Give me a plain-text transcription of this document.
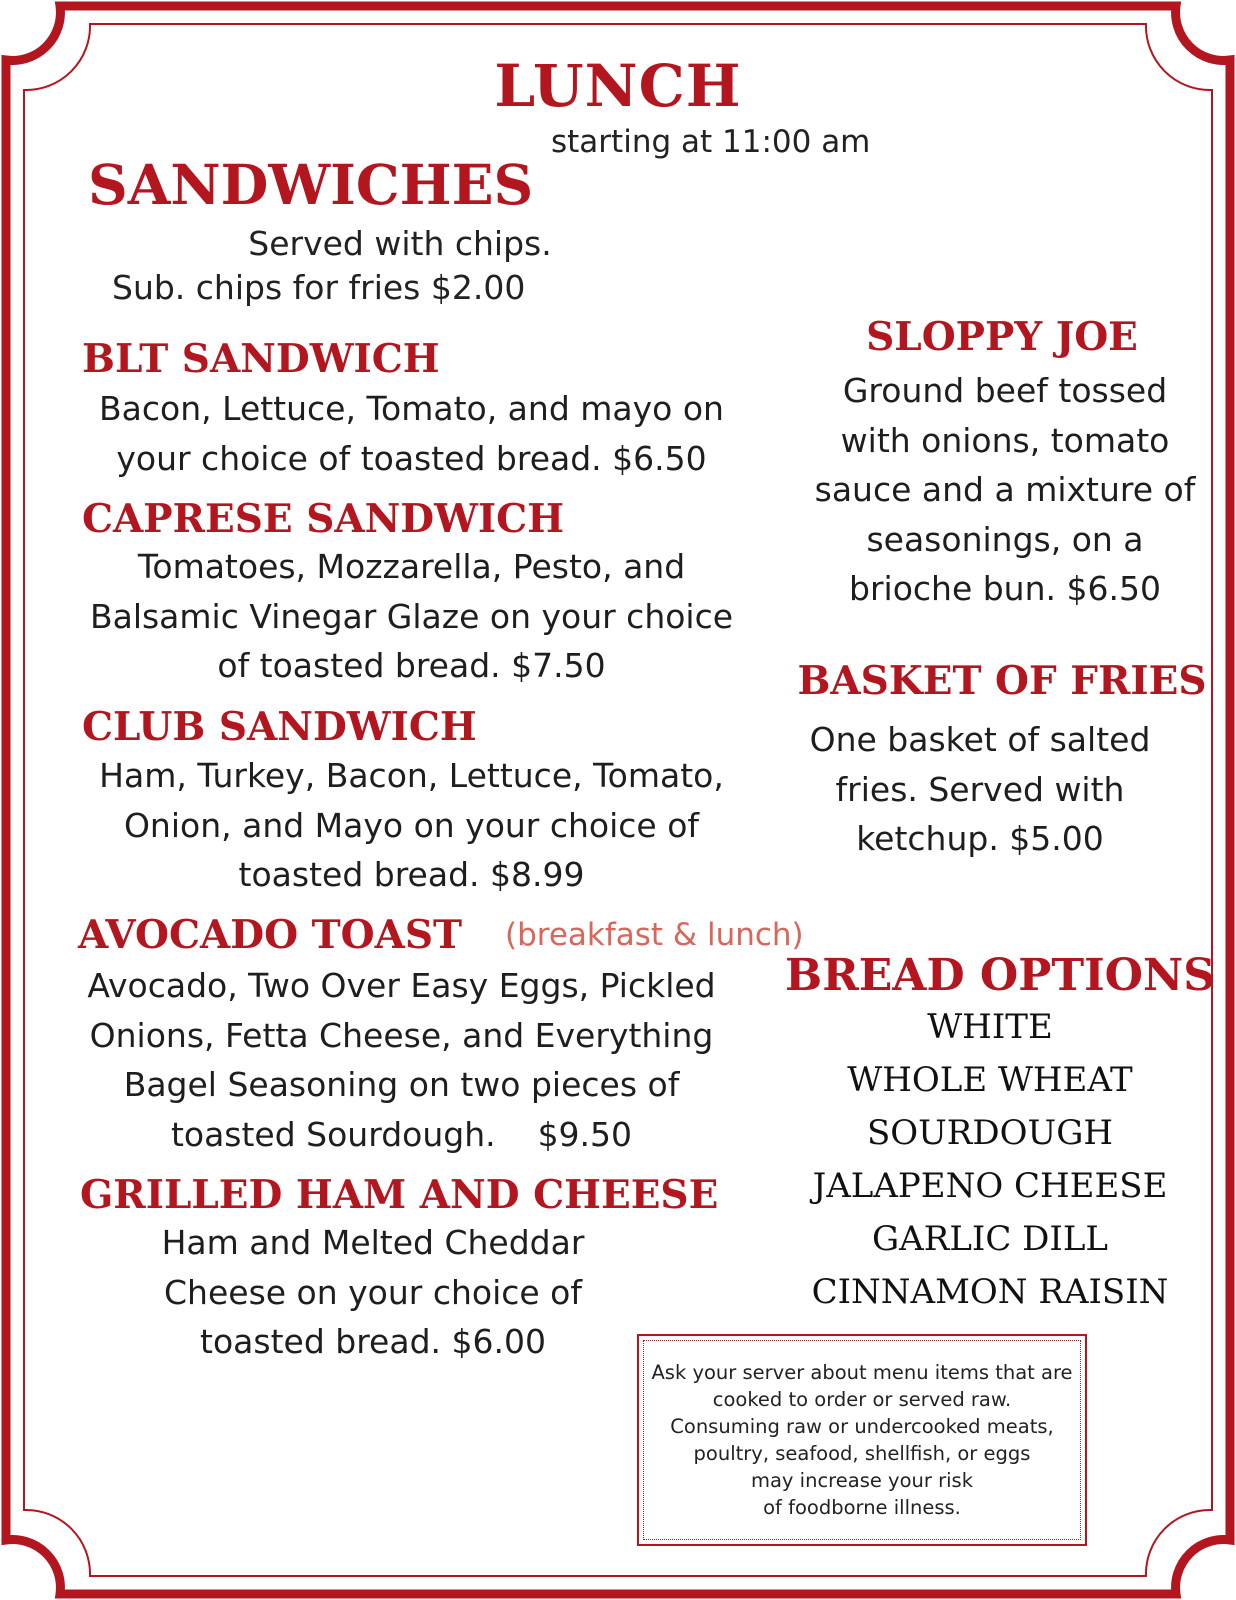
LUNCH
starting at 11:00 am
SANDWICHES
Served with chips.
Sub. chips for fries $2.00
BLT SANDWICH
Bacon, Lettuce, Tomato, and mayo on your choice of toasted bread. $6.50
CAPRESE SANDWICH
Tomatoes, Mozzarella, Pesto, and Balsamic Vinegar Glaze on your choice of toasted bread. $7.50
CLUB SANDWICH
Ham, Turkey, Bacon, Lettuce, Tomato, Onion, and Mayo on your choice of toasted bread. $8.99
AVOCADO TOAST (breakfast & lunch)
Avocado, Two Over Easy Eggs, Pickled Onions, Fetta Cheese, and Everything Bagel Seasoning on two pieces of toasted Sourdough.    $9.50
GRILLED HAM AND CHEESE
Ham and Melted Cheddar Cheese on your choice of toasted bread. $6.00
SLOPPY JOE
Ground beef tossed with onions, tomato sauce and a mixture of seasonings, on a brioche bun. $6.50
BASKET OF FRIES
One basket of salted fries. Served with ketchup. $5.00
BREAD OPTIONS
WHITE
WHOLE WHEAT
SOURDOUGH
JALAPENO CHEESE
GARLIC DILL
CINNAMON RAISIN

Ask your server about menu items that are
cooked to order or served raw.
Consuming raw or undercooked meats,
poultry, seafood, shellfish, or eggs
may increase your risk
of foodborne illness.
